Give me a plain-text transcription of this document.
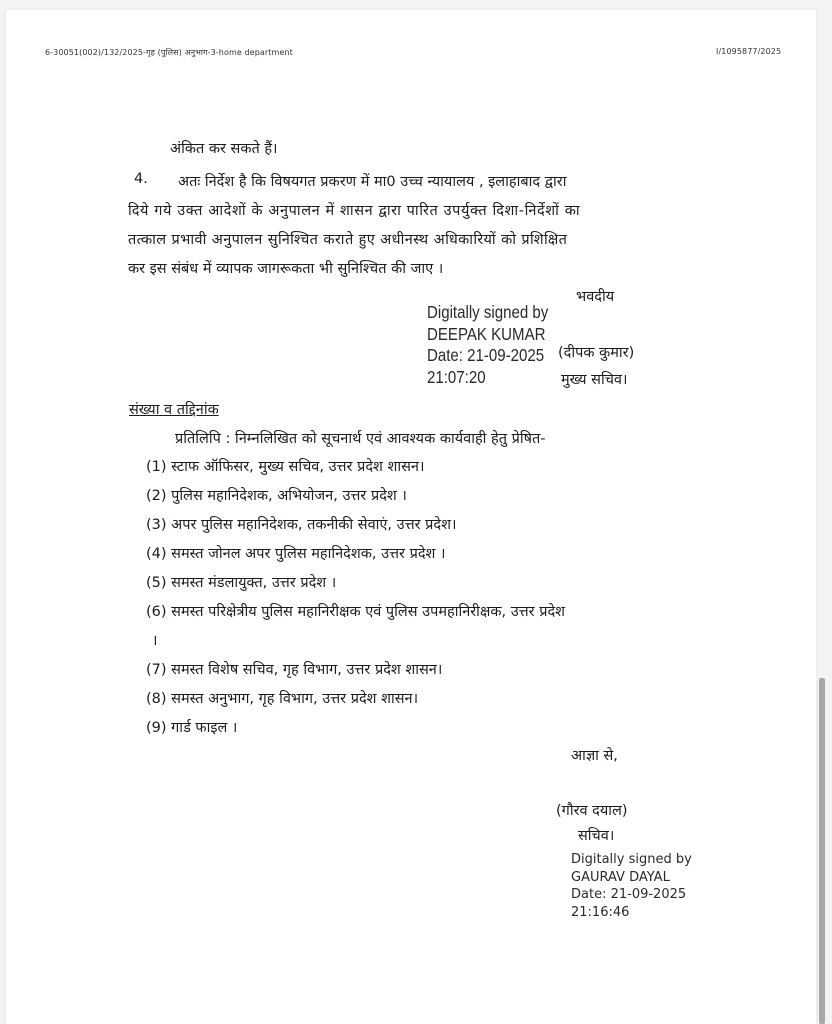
6-30051(002)/132/2025-गृह (पुलिस) अनुभाग-3-home department	I/1095877/2025
अंकित कर सकते हैं।
4. अतः निर्देश है कि विषयगत प्रकरण में मा0 उच्च न्यायालय , इलाहाबाद द्वारा
दिये गये उक्त आदेशों के अनुपालन में शासन द्वारा पारित उपर्युक्त दिशा-निर्देशों का
तत्काल प्रभावी अनुपालन सुनिश्चित कराते हुए अधीनस्थ अधिकारियों को प्रशिक्षित
कर इस संबंध में व्यापक जागरूकता भी सुनिश्चित की जाए ।
भवदीय
Digitally signed by
DEEPAK KUMAR
Date: 21-09-2025
21:07:20
(दीपक कुमार)
मुख्य सचिव।
संख्या व तद्दिनांक
प्रतिलिपि : निम्नलिखित को सूचनार्थ एवं आवश्यक कार्यवाही हेतु प्रेषित-
(1) स्टाफ ऑफिसर, मुख्य सचिव, उत्तर प्रदेश शासन।
(2) पुलिस महानिदेशक, अभियोजन, उत्तर प्रदेश ।
(3) अपर पुलिस महानिदेशक, तकनीकी सेवाएं, उत्तर प्रदेश।
(4) समस्त जोनल अपर पुलिस महानिदेशक, उत्तर प्रदेश ।
(5) समस्त मंडलायुक्त, उत्तर प्रदेश ।
(6) समस्त परिक्षेत्रीय पुलिस महानिरीक्षक एवं पुलिस उपमहानिरीक्षक, उत्तर प्रदेश
।
(7) समस्त विशेष सचिव, गृह विभाग, उत्तर प्रदेश शासन।
(8) समस्त अनुभाग, गृह विभाग, उत्तर प्रदेश शासन।
(9) गार्ड फाइल ।
आज्ञा से,
(गौरव दयाल)
सचिव।
Digitally signed by
GAURAV DAYAL
Date: 21-09-2025
21:16:46
